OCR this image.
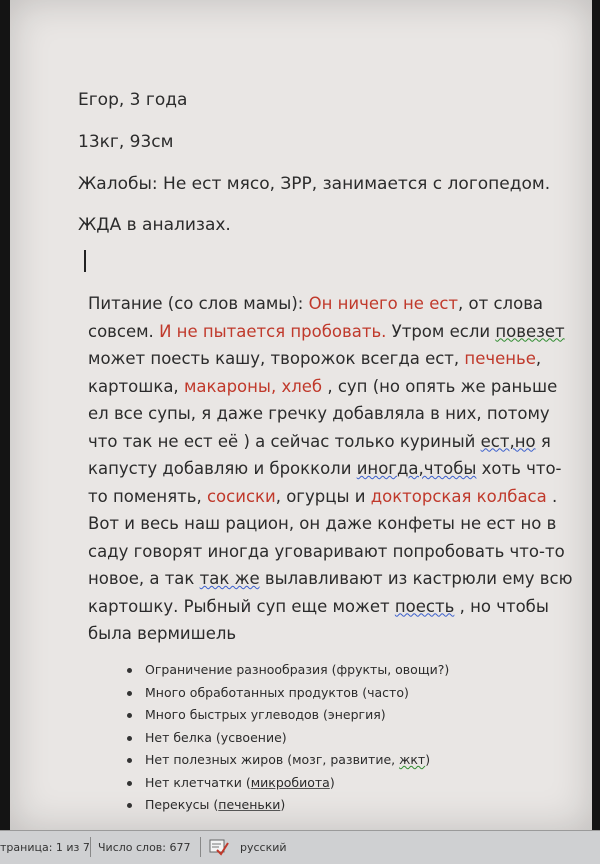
Егор, 3 года
13кг, 93см
Жалобы: Не ест мясо, ЗРР, занимается с логопедом.
ЖДА в анализах.
Питание (со слов мамы): Он ничего не ест, от слова
совсем. И не пытается пробовать. Утром если повезет
может поесть кашу, творожок всегда ест, печенье,
картошка, макароны, хлеб , суп (но опять же раньше
ел все супы, я даже гречку добавляла в них, потому
что так не ест её ) а сейчас только куриный ест,но я
капусту добавляю и брокколи иногда,чтобы хоть что-
то поменять, сосиски, огурцы и докторская колбаса .
Вот и весь наш рацион, он даже конфеты не ест но в
саду говорят иногда уговаривают попробовать что-то
новое, а так так же вылавливают из кастрюли ему всю
картошку. Рыбный суп еще может поесть , но чтобы
была вермишель
Ограничение разнообразия (фрукты, овощи?)
Много обработанных продуктов (часто)
Много быстрых углеводов (энергия)
Нет белка (усвоение)
Нет полезных жиров (мозг, развитие, жкт)
Нет клетчатки (микробиота)
Перекусы (печеньки)
траница: 1 из 7 Число слов: 677	русский
